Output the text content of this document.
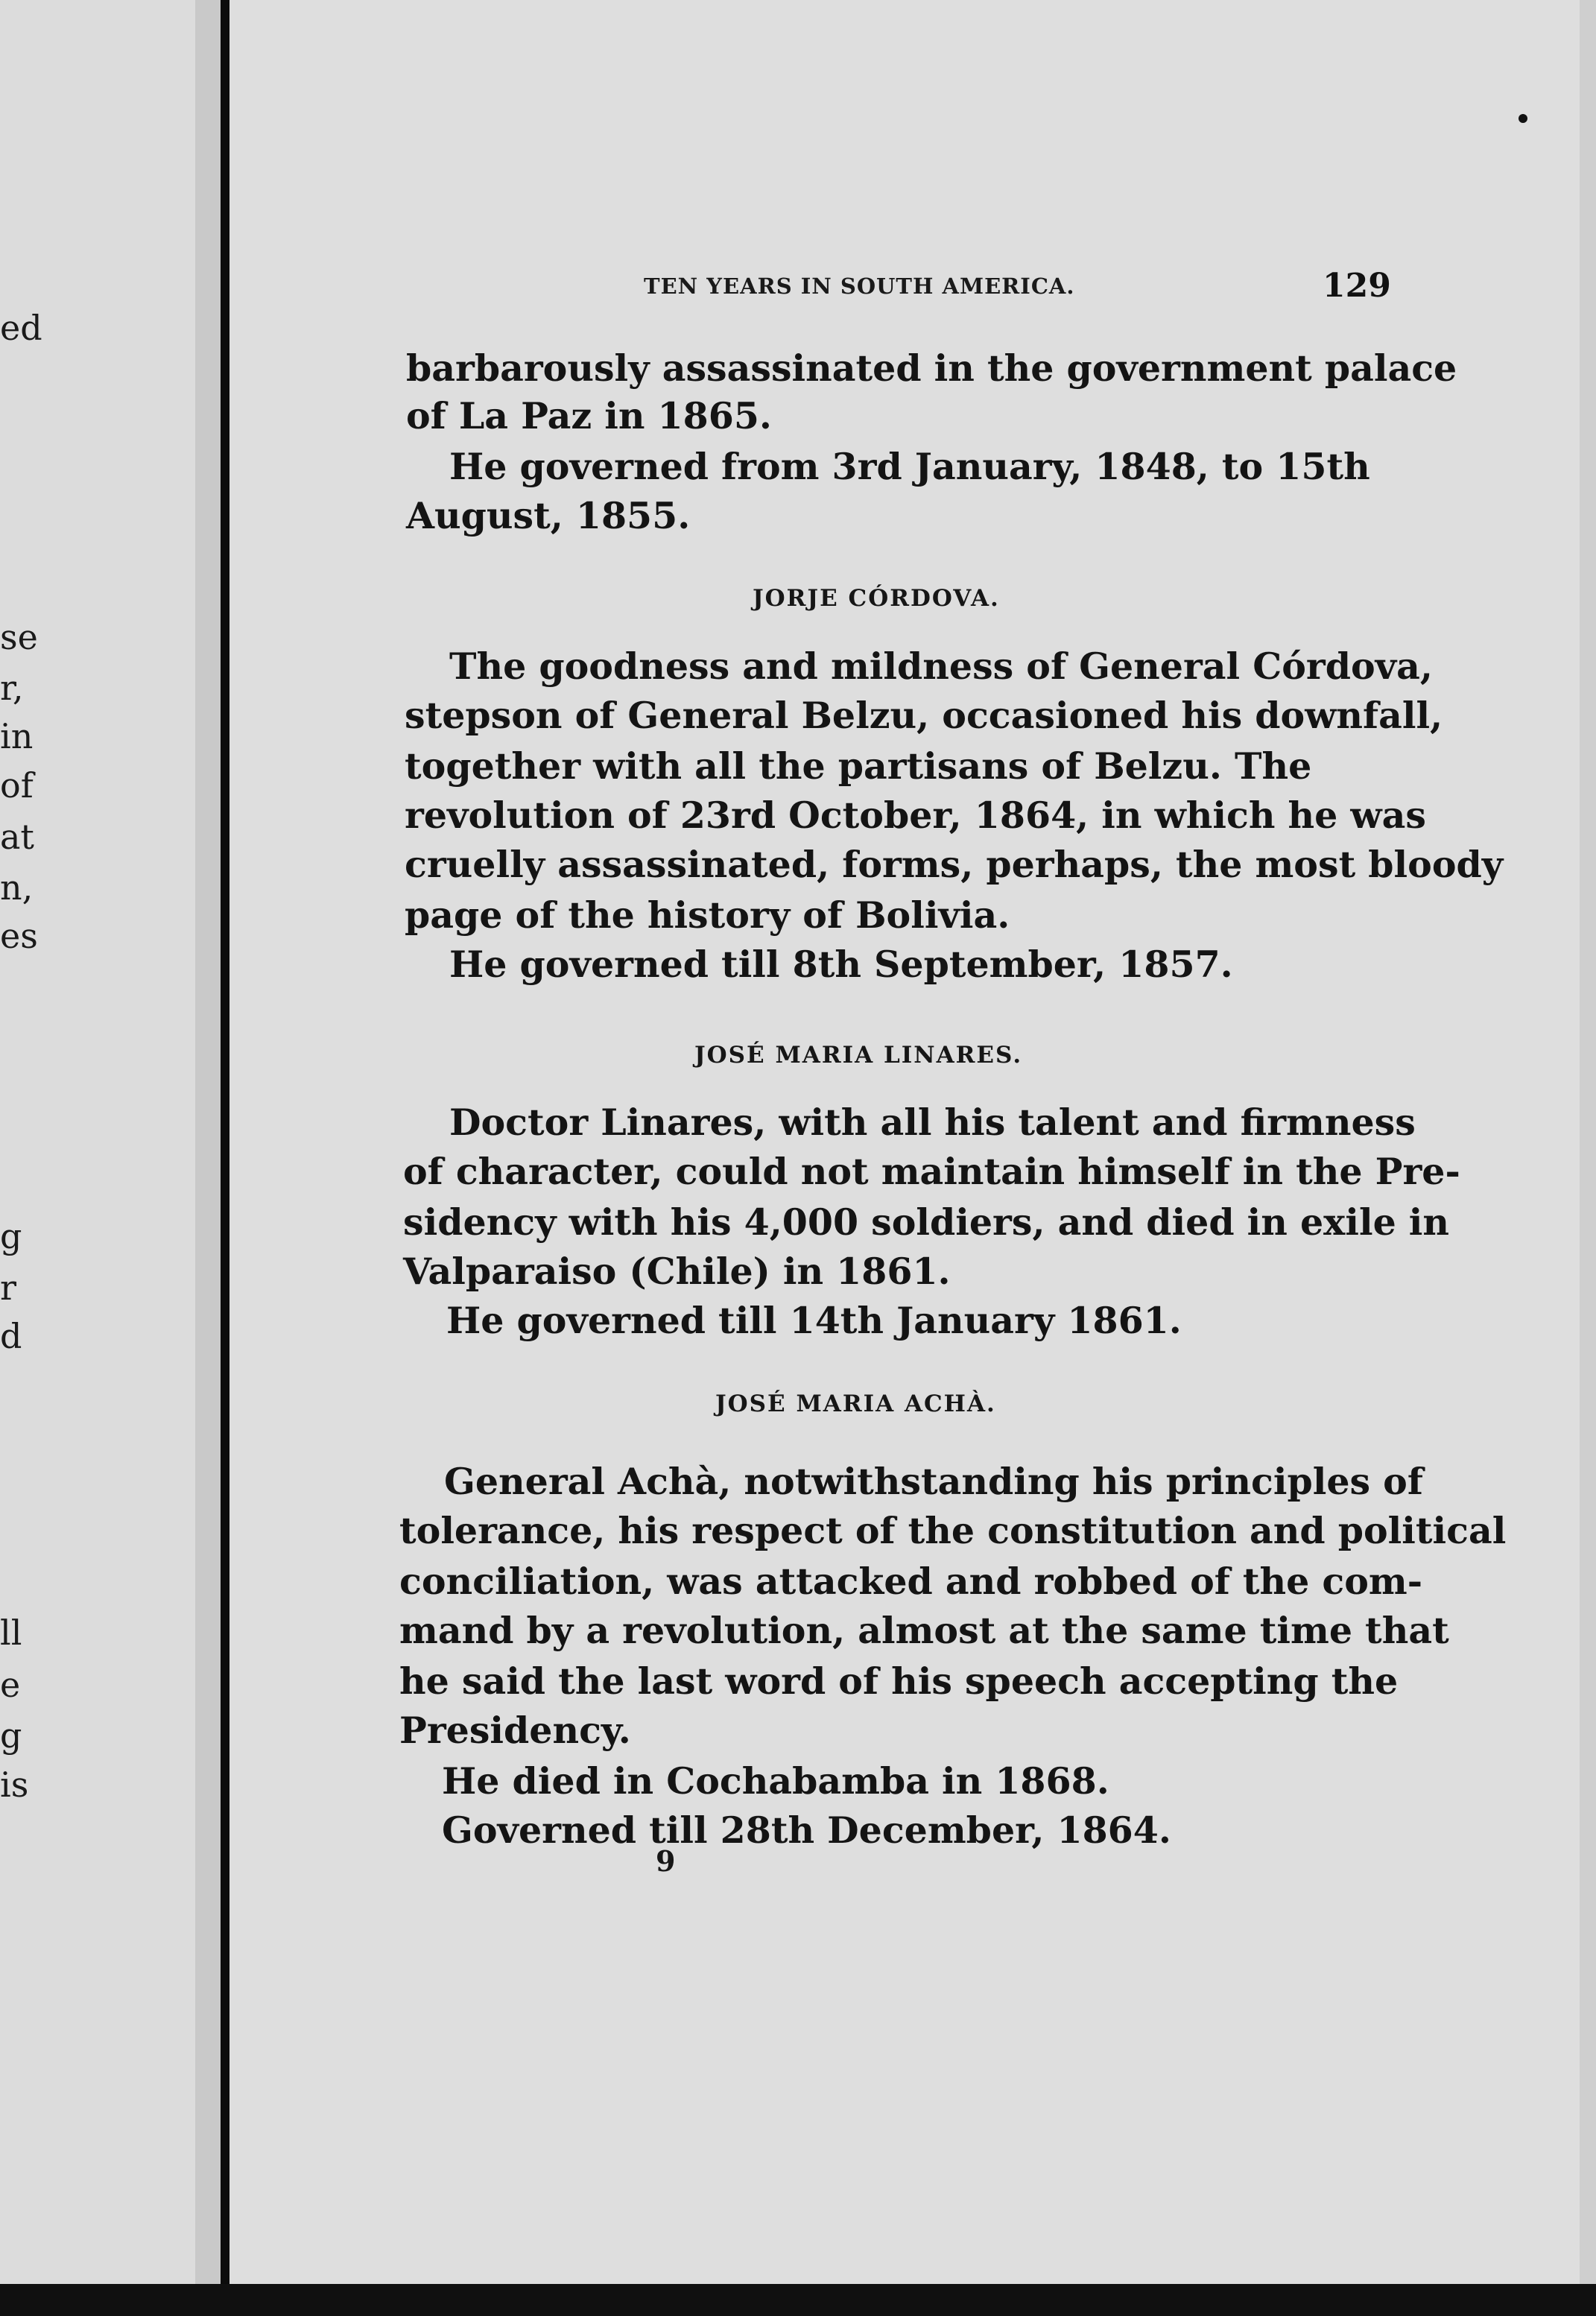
ed
se
r,
in
of
at
n,
es
g
r
d
ll
e
g
is
TEN YEARS IN SOUTH AMERICA.	129
barbarously assassinated in the government palace
of La Paz in 1865.
He governed from 3rd January, 1848, to 15th
August, 1855.
JORJE CÓRDOVA.
The goodness and mildness of General Córdova,
stepson of General Belzu, occasioned his downfall,
together with all the partisans of Belzu. The
revolution of 23rd October, 1864, in which he was
cruelly assassinated, forms, perhaps, the most bloody
page of the history of Bolivia.
He governed till 8th September, 1857.
JOSÉ MARIA LINARES.
Doctor Linares, with all his talent and firmness
of character, could not maintain himself in the Pre-
sidency with his 4,000 soldiers, and died in exile in
Valparaiso (Chile) in 1861.
He governed till 14th January 1861.
JOSÉ MARIA ACHÀ.
General Achà, notwithstanding his principles of
tolerance, his respect of the constitution and political
conciliation, was attacked and robbed of the com-
mand by a revolution, almost at the same time that
he said the last word of his speech accepting the
Presidency.
He died in Cochabamba in 1868.
Governed till 28th December, 1864.
9
